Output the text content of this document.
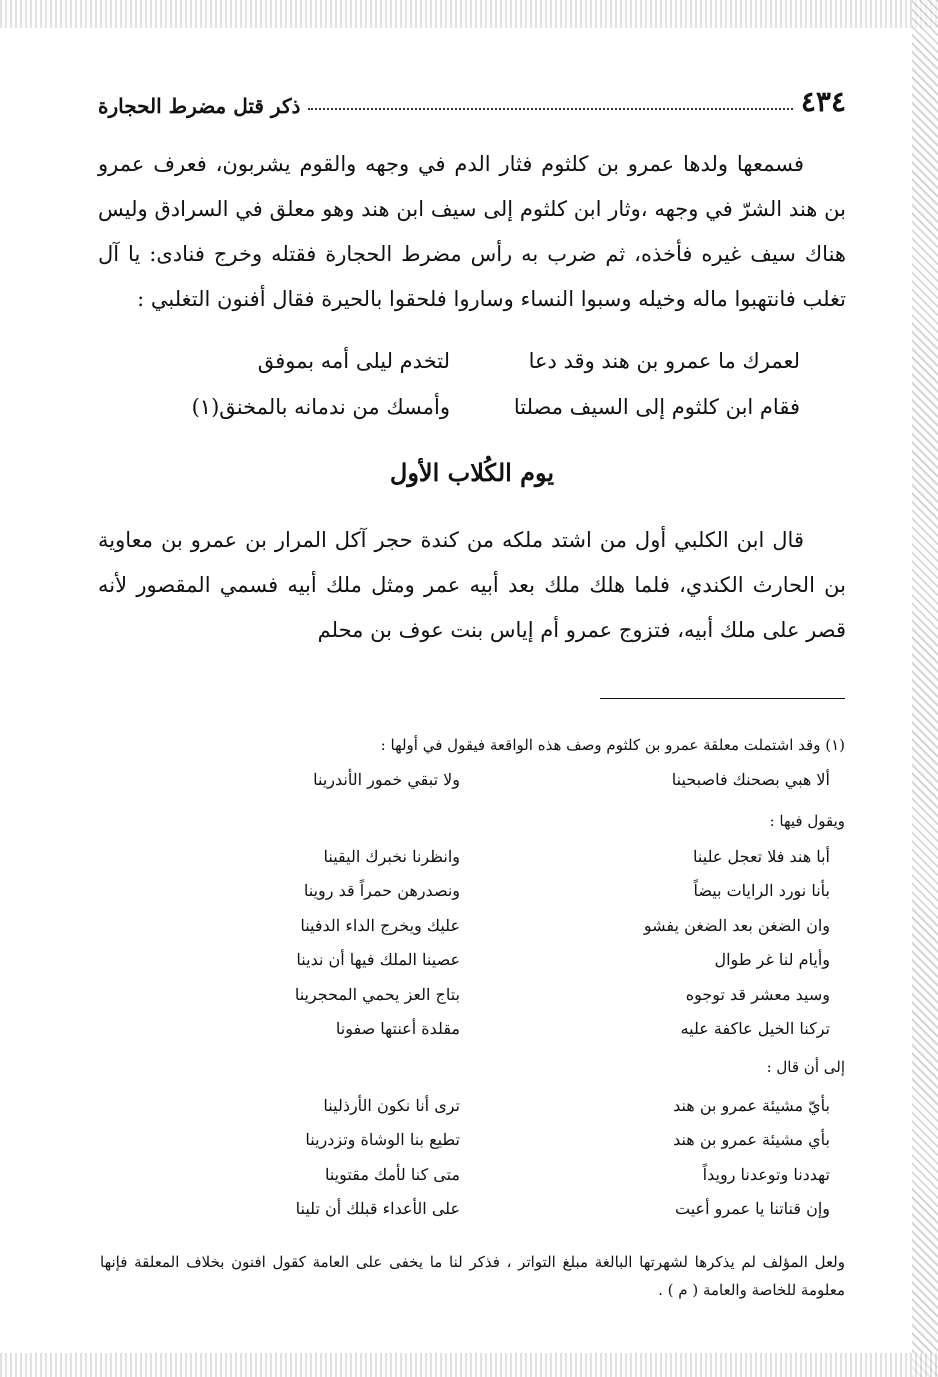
٤٣٤
ذكر قتل مضرط الحجارة

فسمعها ولدها عمرو بن كلثوم فثار الدم في وجهه والقوم يشربون، فعرف عمرو بن هند الشرّ في وجهه ،وثار ابن كلثوم إلى سيف ابن هند وهو معلق في السرادق وليس هناك سيف غيره فأخذه، ثم ضرب به رأس مضرط الحجارة فقتله وخرج فنادى: يا آل تغلب فانتهبوا ماله وخيله وسبوا النساء وساروا فلحقوا بالحيرة فقال أفنون التغلبي :

لعمرك ما عمرو بن هند وقد دعا
لتخدم ليلى أمه بموفق
فقام ابن كلثوم إلى السيف مصلتا
وأمسك من ندمانه بالمخنق(١)
يوم الكُلاب الأول

قال ابن الكلبي أول من اشتد ملكه من كندة حجر آكل المرار بن عمرو بن معاوية بن الحارث الكندي، فلما هلك ملك بعد أبيه عمر ومثل ملك أبيه فسمي المقصور لأنه قصر على ملك أبيه، فتزوج عمرو أم إياس بنت عوف بن محلم

(١) وقد اشتملت معلقة عمرو بن كلثوم وصف هذه الواقعة فيقول في أولها :
ألا هبي بصحنك فاصبحينا
ولا تبقي خمور الأندرينا
ويقول فيها :
أبا هند فلا تعجل علينا
وانظرنا نخبرك اليقينا
بأنا نورد الرايات بيضاً
ونصدرهن حمراً قد روينا
وان الضغن بعد الضغن يفشو
عليك ويخرج الداء الدفينا
وأيام لنا غر طوال
عصينا الملك فيها أن ندينا
وسيد معشر قد توجوه
بتاج العز يحمي المحجرينا
تركنا الخيل عاكفة عليه
مقلدة أعنتها صفونا
إلى أن قال :
بأيّ مشيئة عمرو بن هند
ترى أنا نكون الأرذلينا
بأي مشيئة عمرو بن هند
تطيع بنا الوشاة وتزدرينا
تهددنا وتوعدنا رويداً
متى كنا لأمك مقتوينا
وإن قناتنا يا عمرو أعيت
على الأعداء قبلك أن تلينا

ولعل المؤلف لم يذكرها لشهرتها البالغة مبلغ التواتر ، فذكر لنا ما يخفى على العامة كقول افنون بخلاف المعلقة فإنها معلومة للخاصة والعامة ( م ) .
